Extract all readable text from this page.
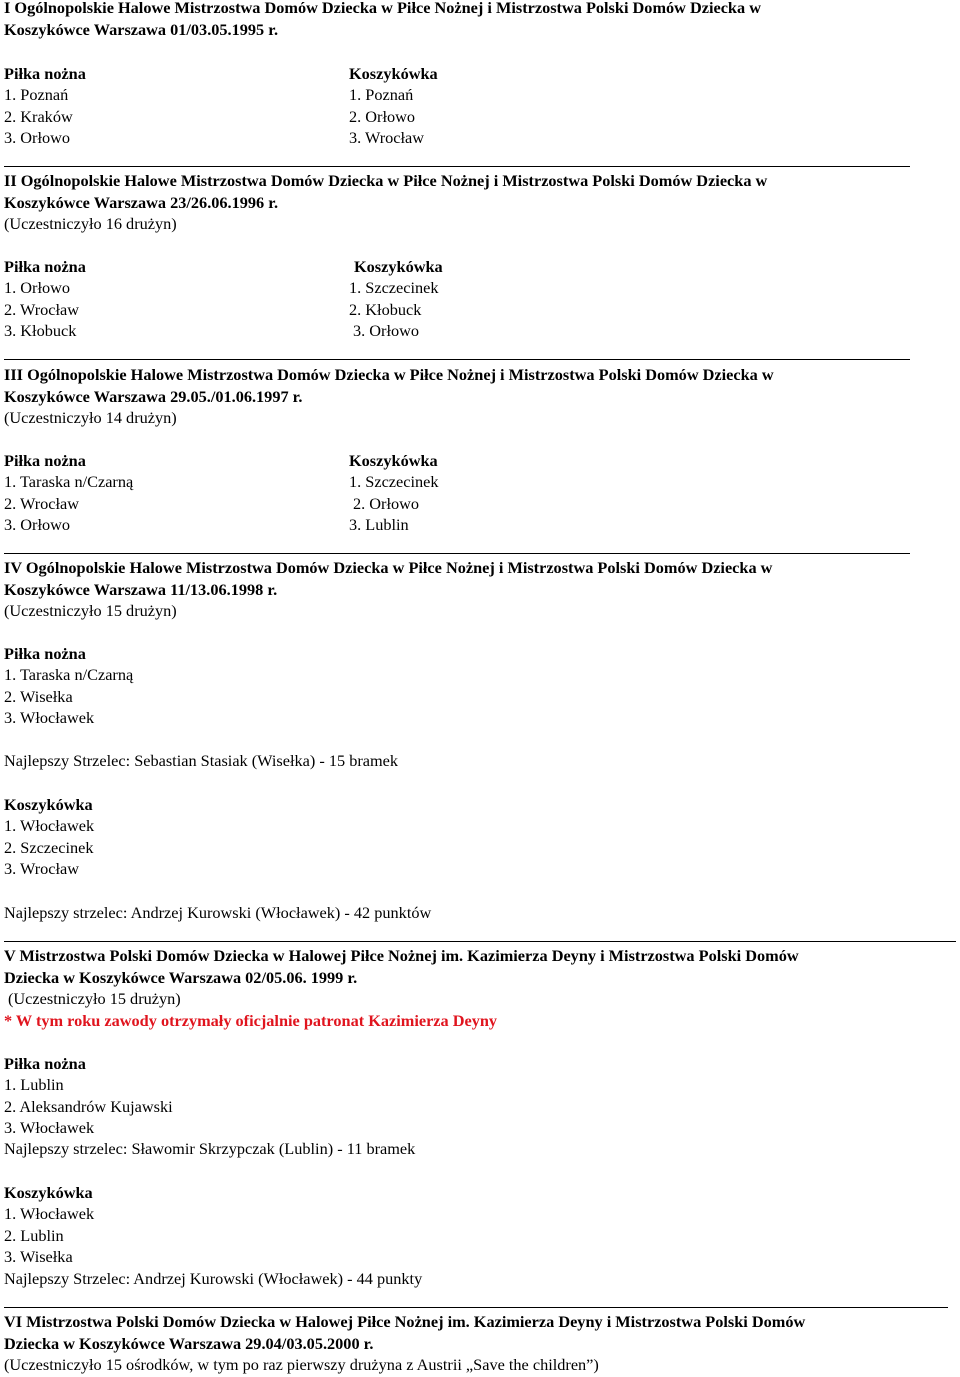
I Ogólnopolskie Halowe Mistrzostwa Domów Dziecka w Piłce Nożnej i Mistrzostwa Polski Domów Dziecka w
Koszykówce Warszawa 01/03.05.1995 r.
Piłka nożna
1. Poznań
2. Kraków
3. Orłowo
Koszykówka
1. Poznań
2. Orłowo
3. Wrocław
II Ogólnopolskie Halowe Mistrzostwa Domów Dziecka w Piłce Nożnej i Mistrzostwa Polski Domów Dziecka w
Koszykówce Warszawa 23/26.06.1996 r.
(Uczestniczyło 16 drużyn)
Piłka nożna
1. Orłowo
2. Wrocław
3. Kłobuck
Koszykówka
1. Szczecinek
2. Kłobuck
3. Orłowo
III Ogólnopolskie Halowe Mistrzostwa Domów Dziecka w Piłce Nożnej i Mistrzostwa Polski Domów Dziecka w
Koszykówce Warszawa 29.05./01.06.1997 r.
(Uczestniczyło 14 drużyn)
Piłka nożna
1. Taraska n/Czarną
2. Wrocław
3. Orłowo
Koszykówka
1. Szczecinek
2. Orłowo
3. Lublin
IV Ogólnopolskie Halowe Mistrzostwa Domów Dziecka w Piłce Nożnej i Mistrzostwa Polski Domów Dziecka w
Koszykówce Warszawa 11/13.06.1998 r.
(Uczestniczyło 15 drużyn)
Piłka nożna
1. Taraska n/Czarną
2. Wisełka
3. Włocławek
Najlepszy Strzelec: Sebastian Stasiak (Wisełka) - 15 bramek
Koszykówka
1. Włocławek
2. Szczecinek
3. Wrocław
Najlepszy strzelec: Andrzej Kurowski (Włocławek) - 42 punktów
V Mistrzostwa Polski Domów Dziecka w Halowej Piłce Nożnej im. Kazimierza Deyny i Mistrzostwa Polski Domów
Dziecka w Koszykówce Warszawa 02/05.06. 1999 r.
(Uczestniczyło 15 drużyn)
* W tym roku zawody otrzymały oficjalnie patronat Kazimierza Deyny
Piłka nożna
1. Lublin
2. Aleksandrów Kujawski
3. Włocławek
Najlepszy strzelec: Sławomir Skrzypczak (Lublin) - 11 bramek
Koszykówka
1. Włocławek
2. Lublin
3. Wisełka
Najlepszy Strzelec: Andrzej Kurowski (Włocławek) - 44 punkty
VI Mistrzostwa Polski Domów Dziecka w Halowej Piłce Nożnej im. Kazimierza Deyny i Mistrzostwa Polski Domów
Dziecka w Koszykówce Warszawa 29.04/03.05.2000 r.
(Uczestniczyło 15 ośrodków, w tym po raz pierwszy drużyna z Austrii „Save the children”)
